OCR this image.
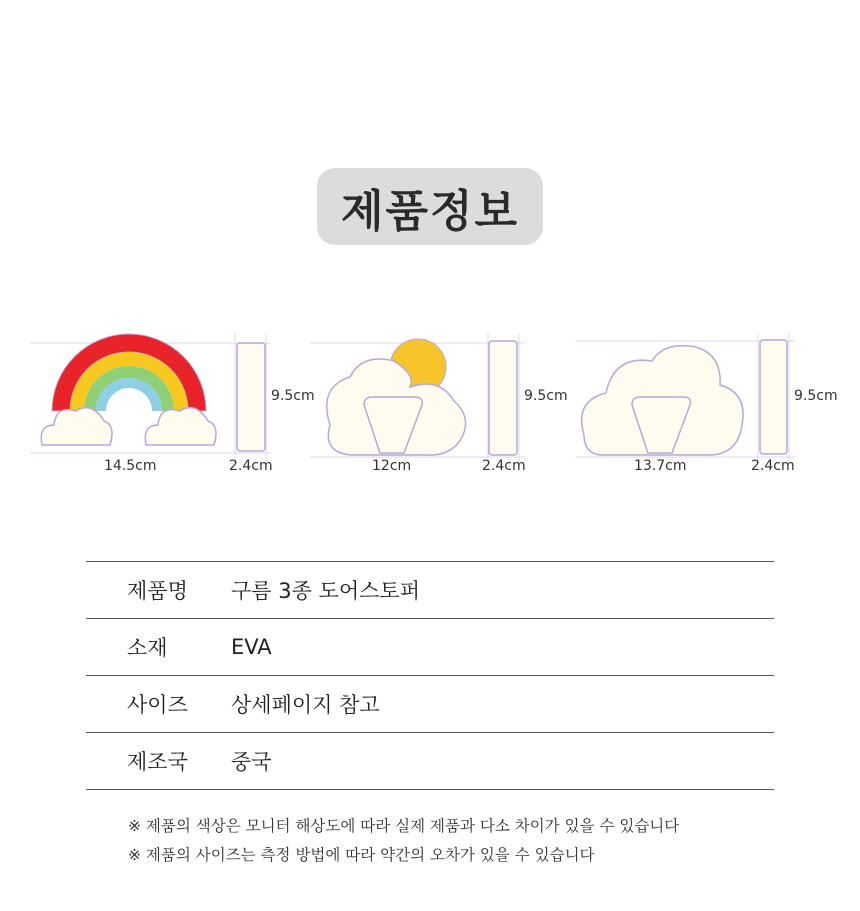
제품정보
14.5cm	2.4cm
9.5cm
12cm	2.4cm
9.5cm
13.7cm	2.4cm
9.5cm
제품명	구름 3종 도어스토퍼
소재	EVA
사이즈	상세페이지 참고
제조국	중국
※ 제품의 색상은 모니터 해상도에 따라 실제 제품과 다소 차이가 있을 수 있습니다
※ 제품의 사이즈는 측정 방법에 따라 약간의 오차가 있을 수 있습니다
